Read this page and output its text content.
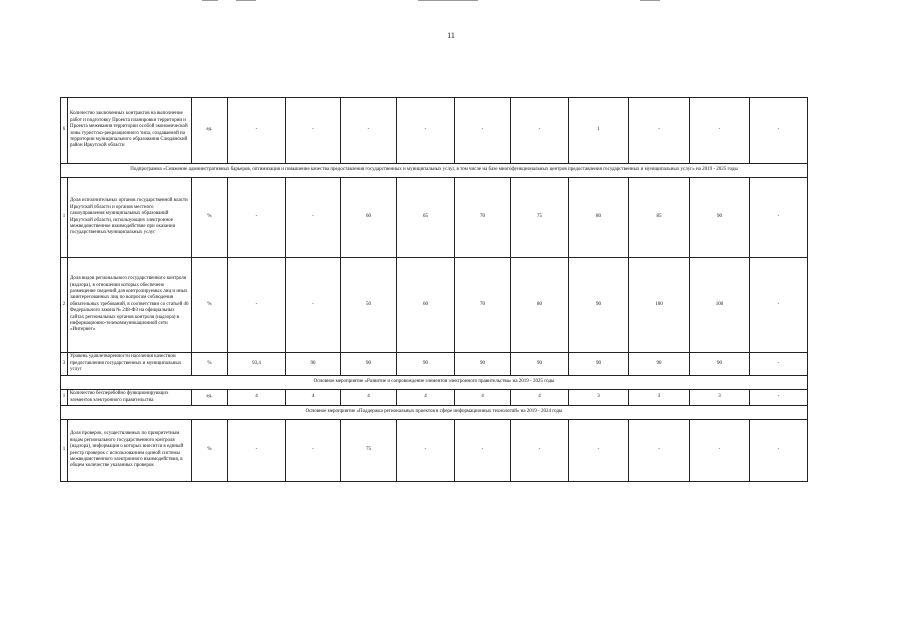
11
6	Количество заключенных контрактов на выполнение работ и подготовку Проекта планировки территории и Проекта межевания территории особой экономической зоны туристско-рекреационного типа, создаваемой на территории муниципального образования Слюдянский район Иркутской области	ед.	-	-	-	-	-	-	1	-	-	-
Подпрограмма «Снижение административных барьеров, оптимизация и повышение качества предоставления государственных и муниципальных услуг, в том числе на базе многофункциональных центров предоставления государственных и муниципальных услуг» на 2019 - 2025 годы												
1	Доля исполнительных органов государственной власти Иркутской области и органов местного самоуправления муниципальных образований Иркутской области, использующих электронное межведомственное взаимодействие при оказании государственных/муниципальных услуг	%	-	-	60	65	70	75	80	85	90	-
2	Доля видов регионального государственного контроля (надзора), в отношении которых обеспечено размещение сведений для контролируемых лиц и иных заинтересованных лиц по вопросам соблюдения обязательных требований, в соответствии со статьей 46 Федерального закона № 248-ФЗ на официальных сайтах региональных органов контроля (надзора) в информационно-телекоммуникационной сети «Интернет»	%	-	-	50	60	70	80	90	100	100	-
3	Уровень удовлетворенности населения качеством предоставления государственных и муниципальных услуг	%	93,4	90	90	90	90	90	90	90	90	-
Основное мероприятие «Развитие и сопровождение элементов электронного правительства» на 2019 - 2025 годы												
1	Количество бесперебойно функционирующих элементов электронного правительства	ед.	4	4	4	4	4	4	3	3	3	-
Основное мероприятие «Поддержка региональных проектов в сфере информационных технологий» на 2019 - 2024 годы												
1	Доля проверок, осуществляемых по приоритетным видам регионального государственного контроля (надзора), информация о которых вносится в единый реестр проверок с использованием единой системы межведомственного электронного взаимодействия, в общем количестве указанных проверок	%	-	-	75	-	-	-	-	-	-	-
